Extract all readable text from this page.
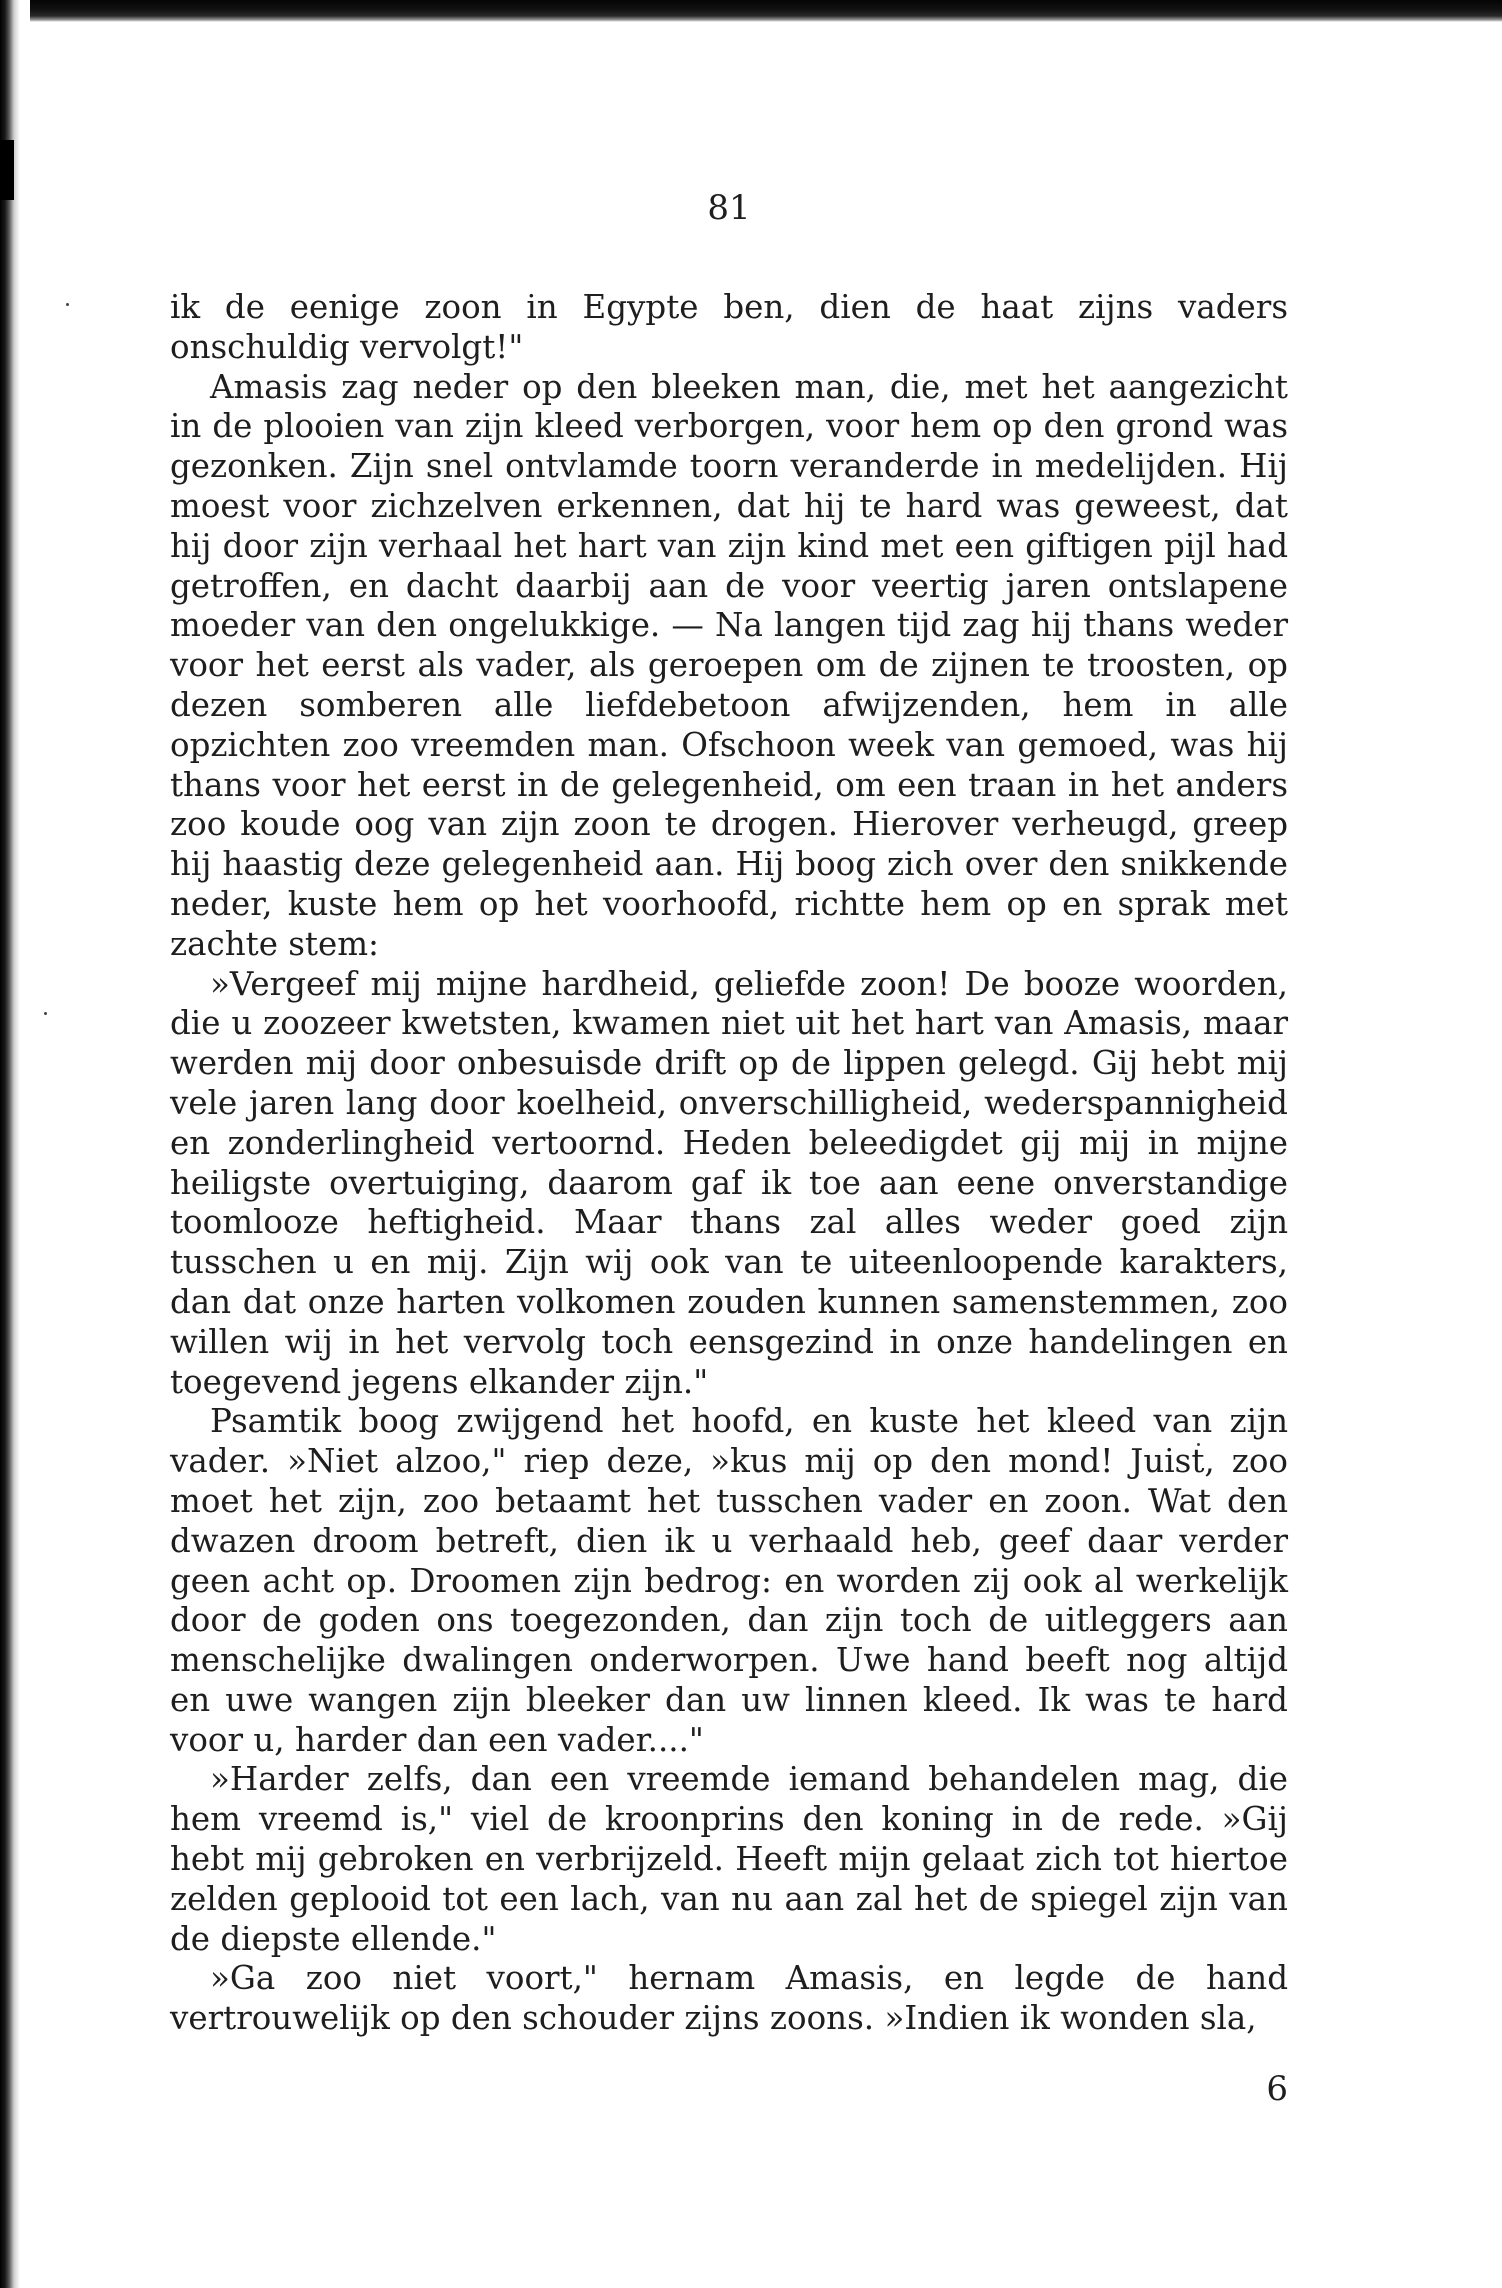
81

ik de eenige zoon in Egypte ben, dien de haat zijns vaders onschuldig vervolgt!"

Amasis zag neder op den bleeken man, die, met het aangezicht in de plooien van zijn kleed verborgen, voor hem op den grond was gezonken. Zijn snel ontvlamde toorn veranderde in medelijden. Hij moest voor zichzelven erkennen, dat hij te hard was geweest, dat hij door zijn verhaal het hart van zijn kind met een giftigen pijl had getroffen, en dacht daarbij aan de voor veertig jaren ontslapene moeder van den ongelukkige. — Na langen tijd zag hij thans weder voor het eerst als vader, als geroepen om de zijnen te troosten, op dezen somberen alle liefdebetoon afwijzenden, hem in alle opzichten zoo vreemden man. Ofschoon week van gemoed, was hij thans voor het eerst in de gelegenheid, om een traan in het anders zoo koude oog van zijn zoon te drogen. Hierover verheugd, greep hij haastig deze gelegenheid aan. Hij boog zich over den snikkende neder, kuste hem op het voorhoofd, richtte hem op en sprak met zachte stem:

»Vergeef mij mijne hardheid, geliefde zoon! De booze woorden, die u zoozeer kwetsten, kwamen niet uit het hart van Amasis, maar werden mij door onbesuisde drift op de lippen gelegd. Gij hebt mij vele jaren lang door koelheid, onverschilligheid, wederspannigheid en zonderlingheid vertoornd. Heden beleedigdet gij mij in mijne heiligste overtuiging, daarom gaf ik toe aan eene onverstandige toomlooze heftigheid. Maar thans zal alles weder goed zijn tusschen u en mij. Zijn wij ook van te uiteenloopende karakters, dan dat onze harten volkomen zouden kunnen samenstemmen, zoo willen wij in het vervolg toch eensgezind in onze handelingen en toegevend jegens elkander zijn."

Psamtik boog zwijgend het hoofd, en kuste het kleed van zijn vader. »Niet alzoo," riep deze, »kus mij op den mond! Juist, zoo moet het zijn, zoo betaamt het tusschen vader en zoon. Wat den dwazen droom betreft, dien ik u verhaald heb, geef daar verder geen acht op. Droomen zijn bedrog: en worden zij ook al werkelijk door de goden ons toegezonden, dan zijn toch de uitleggers aan menschelijke dwalingen onderworpen. Uwe hand beeft nog altijd en uwe wangen zijn bleeker dan uw linnen kleed. Ik was te hard voor u, harder dan een vader...."

»Harder zelfs, dan een vreemde iemand behandelen mag, die hem vreemd is," viel de kroonprins den koning in de rede. »Gij hebt mij gebroken en verbrijzeld. Heeft mijn gelaat zich tot hiertoe zelden geplooid tot een lach, van nu aan zal het de spiegel zijn van de diepste ellende."

»Ga zoo niet voort," hernam Amasis, en legde de hand vertrouwelijk op den schouder zijns zoons. »Indien ik wonden sla,

6
